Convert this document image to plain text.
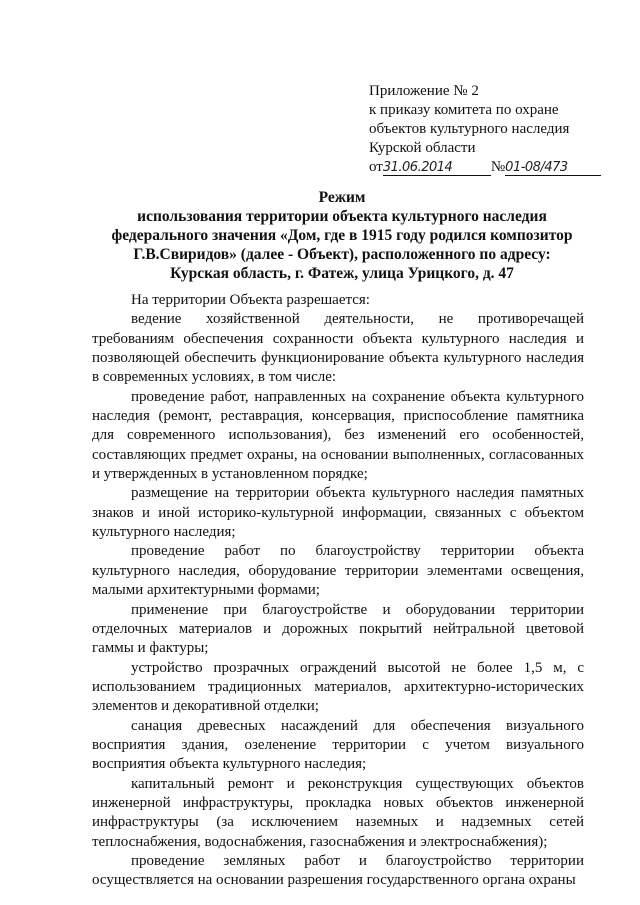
Приложение № 2
к приказу комитета по охране
объектов культурного наследия
Курской области
от31.06.2014	№01-08/473
Режим
использования территории объекта культурного наследия
федерального значения «Дом, где в 1915 году родился композитор
Г.В.Свиридов» (далее - Объект), расположенного по адресу:
Курская область, г. Фатеж, улица Урицкого, д. 47

На территории Объекта разрешается:

ведение хозяйственной деятельности, не противоречащей требованиям обеспечения сохранности объекта культурного наследия и позволяющей обеспечить функционирование объекта культурного наследия в современных условиях, в том числе:

проведение работ, направленных на сохранение объекта культурного наследия (ремонт, реставрация, консервация, приспособление памятника для современного использования), без изменений его особенностей, составляющих предмет охраны, на основании выполненных, согласованных и утвержденных в установленном порядке;

размещение на территории объекта культурного наследия памятных знаков и иной историко-культурной информации, связанных с объектом культурного наследия;

проведение работ по благоустройству территории объекта культурного наследия, оборудование территории элементами освещения, малыми архитектурными формами;

применение при благоустройстве и оборудовании территории отделочных материалов и дорожных покрытий нейтральной цветовой гаммы и фактуры;

устройство прозрачных ограждений высотой не более 1,5 м, с использованием традиционных материалов, архитектурно-исторических элементов и декоративной отделки;

санация древесных насаждений для обеспечения визуального восприятия здания, озеленение территории с учетом визуального восприятия объекта культурного наследия;

капитальный ремонт и реконструкция существующих объектов инженерной инфраструктуры, прокладка новых объектов инженерной инфраструктуры (за исключением наземных и надземных сетей теплоснабжения, водоснабжения, газоснабжения и электроснабжения);

проведение земляных работ и благоустройство территории осуществляется на основании разрешения государственного органа охраны
